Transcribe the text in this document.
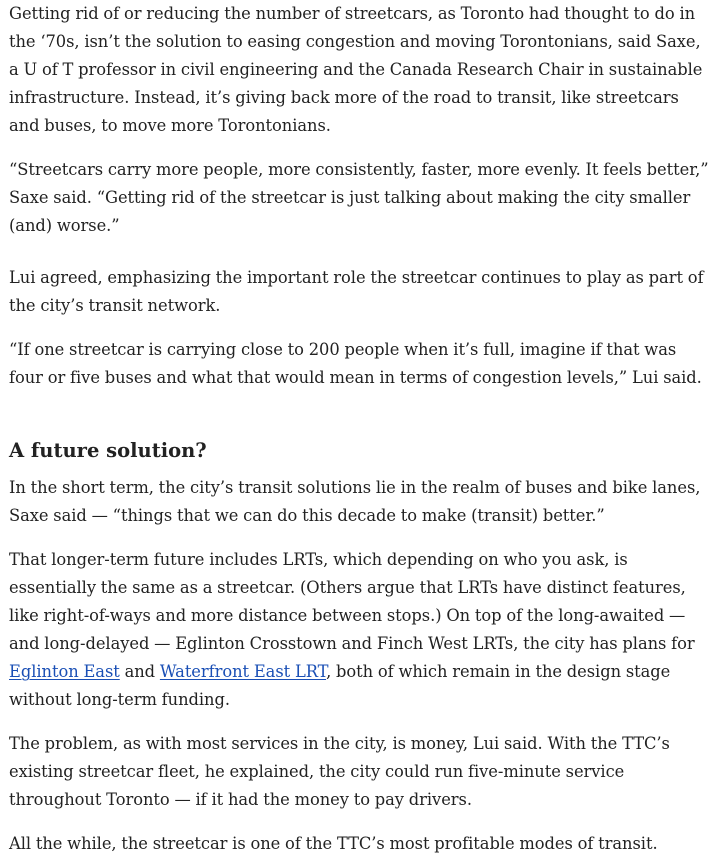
Getting rid of or reducing the number of streetcars, as Toronto had thought to do in the ‘70s, isn’t the solution to easing congestion and moving Torontonians, said Saxe, a U of T professor in civil engineering and the Canada Research Chair in sustainable infrastructure. Instead, it’s giving back more of the road to transit, like streetcars and buses, to move more Torontonians.

“Streetcars carry more people, more consistently, faster, more evenly. It feels better,” Saxe said. “Getting rid of the streetcar is just talking about making the city smaller (and) worse.”

Lui agreed, emphasizing the important role the streetcar continues to play as part of the city’s transit network.

“If one streetcar is carrying close to 200 people when it’s full, imagine if that was four or five buses and what that would mean in terms of congestion levels,” Lui said.

A future solution?

In the short term, the city’s transit solutions lie in the realm of buses and bike lanes, Saxe said — “things that we can do this decade to make (transit) better.”

That longer-term future includes LRTs, which depending on who you ask, is essentially the same as a streetcar. (Others argue that LRTs have distinct features, like right-of-ways and more distance between stops.) On top of the long-awaited — and long-delayed — Eglinton Crosstown and Finch West LRTs, the city has plans for Eglinton East and Waterfront East LRT, both of which remain in the design stage without long-term funding.

The problem, as with most services in the city, is money, Lui said. With the TTC’s existing streetcar fleet, he explained, the city could run five-minute service throughout Toronto — if it had the money to pay drivers.

All the while, the streetcar is one of the TTC’s most profitable modes of transit.
